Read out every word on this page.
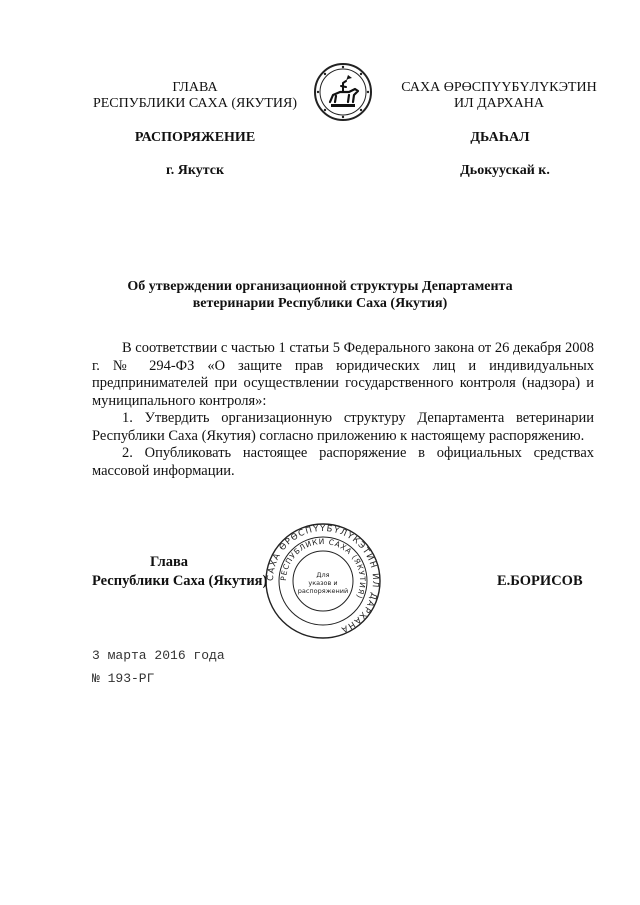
ГЛАВА
РЕСПУБЛИКИ САХА (ЯКУТИЯ)
САХА ӨРӨСПҮҮБҮЛҮКЭТИН
ИЛ ДАРХАНА
РАСПОРЯЖЕНИЕ	ДЬАҺАЛ
г. Якутск	Дьокуускай к.
Об утверждении организационной структуры Департамента
ветеринарии Республики Саха (Якутия)

В соответствии с частью 1 статьи 5 Федерального закона от 26 декабря 2008 г. № 294-ФЗ «О защите прав юридических лиц и индивидуальных предпринимателей при осуществлении государственного контроля (надзора) и муниципального контроля»:

1. Утвердить организационную структуру Департамента ветеринарии Республики Саха (Якутия) согласно приложению к настоящему распоряжению.

2. Опубликовать настоящее распоряжение в официальных средствах массовой информации.

САХА ӨРӨСПҮҮБҮЛҮКЭТИН ИЛ ДАРХАНА
РЕСПУБЛИКИ САХА (ЯКУТИЯ)
Для
указов и
распоряжений
Глава
Республики Саха (Якутия)	Е.БОРИСОВ
3 марта 2016 года
№ 193-РГ
